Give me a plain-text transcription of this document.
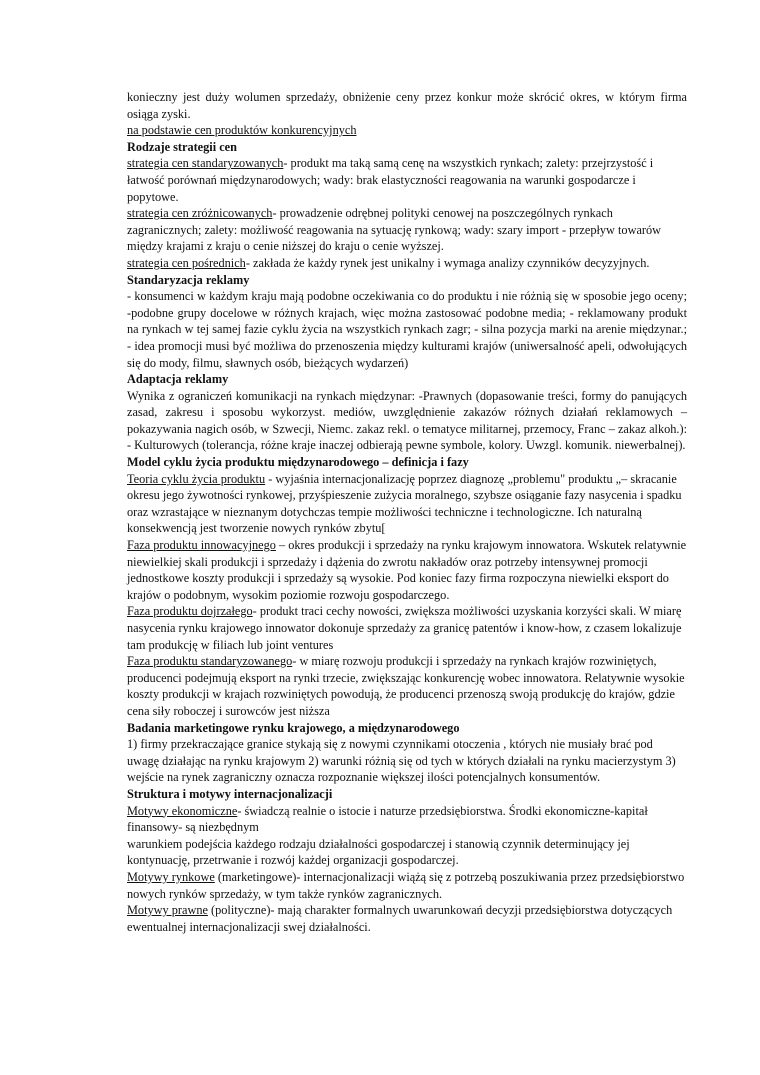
konieczny jest duży wolumen sprzedaży, obniżenie ceny przez konkur może skrócić okres, w którym firma osiąga zyski.

na podstawie cen produktów konkurencyjnych

Rodzaje strategii cen

strategia cen standaryzowanych- produkt ma taką samą cenę na wszystkich rynkach; zalety: przejrzystość i łatwość porównań międzynarodowych; wady: brak elastyczności reagowania na warunki gospodarcze i popytowe.

strategia cen zróżnicowanych- prowadzenie odrębnej polityki cenowej na poszczególnych rynkach zagranicznych; zalety: możliwość reagowania na sytuację rynkową; wady: szary import - przepływ towarów między krajami z kraju o cenie niższej do kraju o cenie wyższej.

strategia cen pośrednich- zakłada że każdy rynek jest unikalny i wymaga analizy czynników decyzyjnych.

Standaryzacja reklamy

- konsumenci w każdym kraju mają podobne oczekiwania co do produktu i nie różnią się w sposobie jego oceny; -podobne grupy docelowe w różnych krajach, więc można zastosować podobne media; - reklamowany produkt na rynkach w tej samej fazie cyklu życia na wszystkich rynkach zagr; - silna pozycja marki na arenie międzynar.; - idea promocji musi być możliwa do przenoszenia między kulturami krajów (uniwersalność apeli, odwołujących się do mody, filmu, sławnych osób, bieżących wydarzeń)

Adaptacja reklamy

Wynika z ograniczeń komunikacji na rynkach międzynar: -Prawnych (dopasowanie treści, formy do panujących zasad, zakresu i sposobu wykorzyst. mediów, uwzględnienie zakazów różnych działań reklamowych – pokazywania nagich osób, w Szwecji, Niemc. zakaz rekl. o tematyce militarnej, przemocy, Franc – zakaz alkoh.): - Kulturowych (tolerancja, różne kraje inaczej odbierają pewne symbole, kolory. Uwzgl. komunik. niewerbalnej).

Model cyklu życia produktu międzynarodowego – definicja i fazy

Teoria cyklu życia produktu - wyjaśnia internacjonalizację poprzez diagnozę „problemu" produktu „– skracanie okresu jego żywotności rynkowej, przyśpieszenie zużycia moralnego, szybsze osiąganie fazy nasycenia i spadku oraz wzrastające w nieznanym dotychczas tempie możliwości techniczne i technologiczne. Ich naturalną konsekwencją jest tworzenie nowych rynków zbytu[

Faza produktu innowacyjnego – okres produkcji i sprzedaży na rynku krajowym innowatora. Wskutek relatywnie niewielkiej skali produkcji i sprzedaży i dążenia do zwrotu nakładów oraz potrzeby intensywnej promocji jednostkowe koszty produkcji i sprzedaży są wysokie. Pod koniec fazy firma rozpoczyna niewielki eksport do krajów o podobnym, wysokim poziomie rozwoju gospodarczego.

Faza produktu dojrzałego- produkt traci cechy nowości, zwiększa możliwości uzyskania korzyści skali. W miarę nasycenia rynku krajowego innowator dokonuje sprzedaży za granicę patentów i know-how, z czasem lokalizuje tam produkcję w filiach lub joint ventures

Faza produktu standaryzowanego- w miarę rozwoju produkcji i sprzedaży na rynkach krajów rozwiniętych, producenci podejmują eksport na rynki trzecie, zwiększając konkurencję wobec innowatora. Relatywnie wysokie koszty produkcji w krajach rozwiniętych powodują, że producenci przenoszą swoją produkcję do krajów, gdzie cena siły roboczej i surowców jest niższa

Badania marketingowe rynku krajowego, a międzynarodowego

1) firmy przekraczające granice stykają się z nowymi czynnikami otoczenia , których nie musiały brać pod uwagę działając na rynku krajowym 2) warunki różnią się od tych w których działali na rynku macierzystym 3) wejście na rynek zagraniczny oznacza rozpoznanie większej ilości potencjalnych konsumentów.

Struktura i motywy internacjonalizacji

Motywy ekonomiczne- świadczą realnie o istocie i naturze przedsiębiorstwa. Środki ekonomiczne-kapitał finansowy- są niezbędnym

warunkiem podejścia każdego rodzaju działalności gospodarczej i stanowią czynnik determinujący jej kontynuację, przetrwanie i rozwój każdej organizacji gospodarczej.

Motywy rynkowe (marketingowe)- internacjonalizacji wiążą się z potrzebą poszukiwania przez przedsiębiorstwo nowych rynków sprzedaży, w tym także rynków zagranicznych.

Motywy prawne (polityczne)- mają charakter formalnych uwarunkowań decyzji przedsiębiorstwa dotyczących ewentualnej internacjonalizacji swej działalności.
